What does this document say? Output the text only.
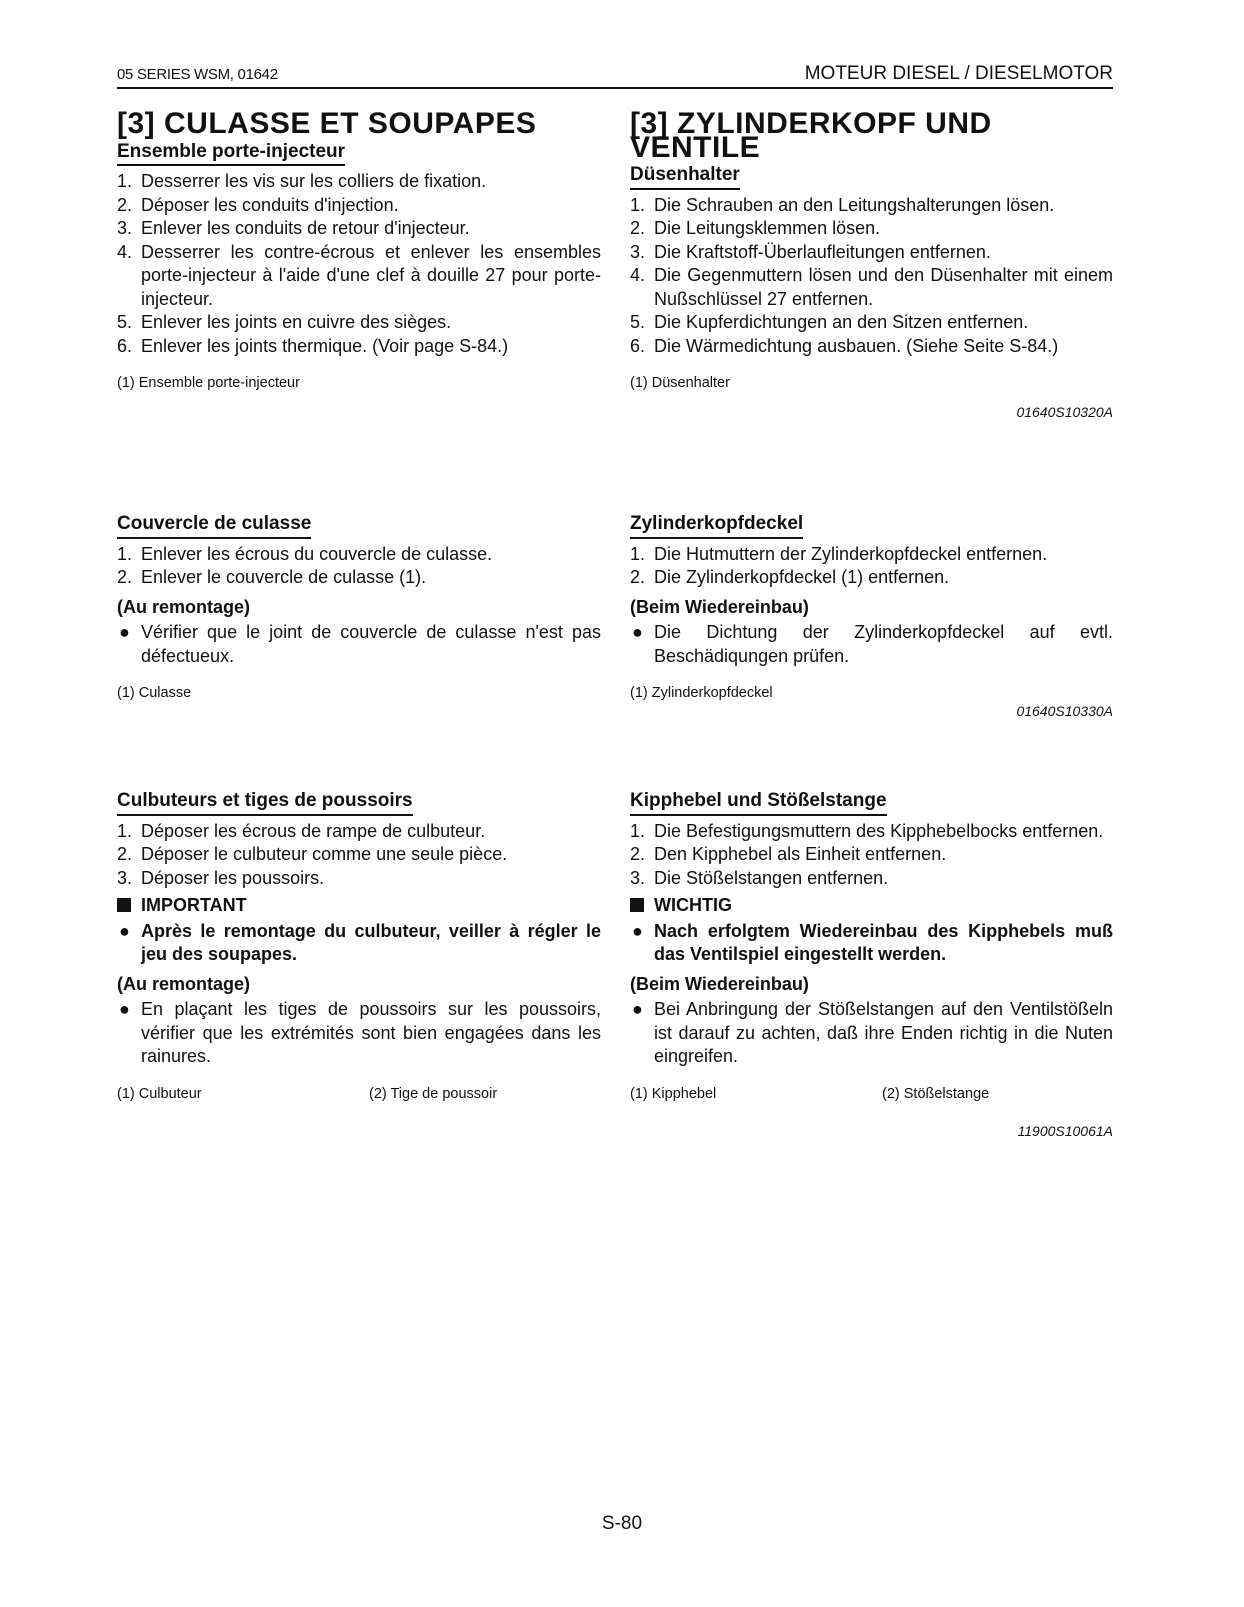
05 SERIES WSM, 01642	MOTEUR DIESEL / DIESELMOTOR
[3] CULASSE ET SOUPAPES
Ensemble porte-injecteur
1. Desserrer les vis sur les colliers de fixation.
2. Déposer les conduits d'injection.
3. Enlever les conduits de retour d'injecteur.
4. Desserrer les contre-écrous et enlever les ensembles porte-injecteur à l'aide d'une clef à douille 27 pour porte-injecteur.
5. Enlever les joints en cuivre des sièges.
6. Enlever les joints thermique. (Voir page S-84.)
(1) Ensemble porte-injecteur
[3] ZYLINDERKOPF UND VENTILE
Düsenhalter
1. Die Schrauben an den Leitungshalterungen lösen.
2. Die Leitungsklemmen lösen.
3. Die Kraftstoff-Überlaufleitungen entfernen.
4. Die Gegenmuttern lösen und den Düsenhalter mit einem Nußschlüssel 27 entfernen.
5. Die Kupferdichtungen an den Sitzen entfernen.
6. Die Wärmedichtung ausbauen. (Siehe Seite S-84.)
(1) Düsenhalter
01640S10320A
Couvercle de culasse
1. Enlever les écrous du couvercle de culasse.
2. Enlever le couvercle de culasse (1).
(Au remontage)
● Vérifier que le joint de couvercle de culasse n'est pas défectueux.
(1) Culasse
Zylinderkopfdeckel
1. Die Hutmuttern der Zylinderkopfdeckel entfernen.
2. Die Zylinderkopfdeckel (1) entfernen.
(Beim Wiedereinbau)
● Die Dichtung der Zylinderkopfdeckel auf evtl. Beschädiqungen prüfen.
(1) Zylinderkopfdeckel
01640S10330A
Culbuteurs et tiges de poussoirs
1. Déposer les écrous de rampe de culbuteur.
2. Déposer le culbuteur comme une seule pièce.
3. Déposer les poussoirs.
IMPORTANT
● Après le remontage du culbuteur, veiller à régler le jeu des soupapes.
(Au remontage)
● En plaçant les tiges de poussoirs sur les poussoirs, vérifier que les extrémités sont bien engagées dans les rainures.
(1) Culbuteur	(2) Tige de poussoir
Kipphebel und Stößelstange
1. Die Befestigungsmuttern des Kipphebelbocks entfernen.
2. Den Kipphebel als Einheit entfernen.
3. Die Stößelstangen entfernen.
WICHTIG
● Nach erfolgtem Wiedereinbau des Kipphebels muß das Ventilspiel eingestellt werden.
(Beim Wiedereinbau)
● Bei Anbringung der Stößelstangen auf den Ventilstößeln ist darauf zu achten, daß ihre Enden richtig in die Nuten eingreifen.
(1) Kipphebel	(2) Stößelstange
11900S10061A
S-80
